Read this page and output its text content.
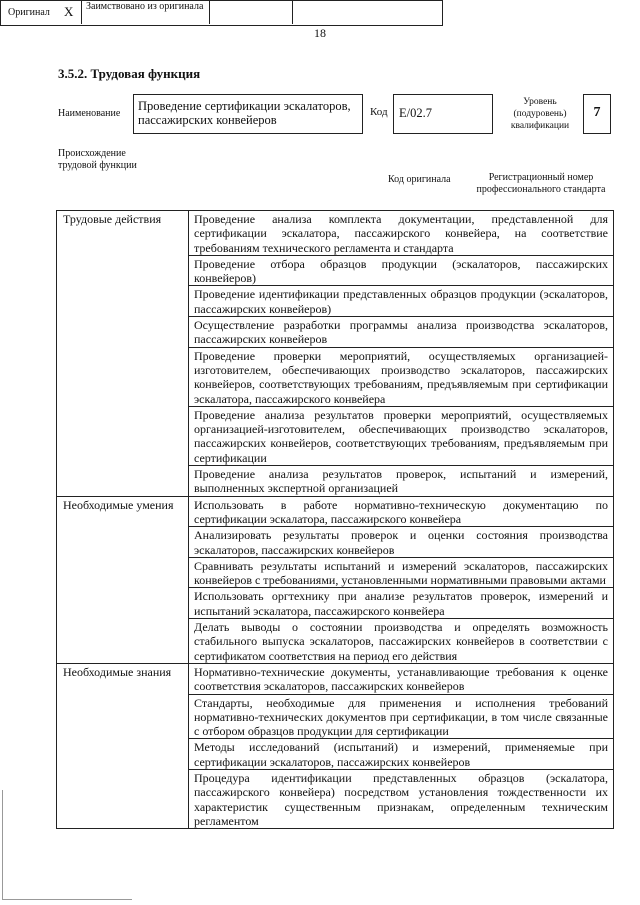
18
3.5.2. Трудовая функция
Наименование
Проведение сертификации эскалаторов, пассажирских конвейеров
Код E/02.7
Уровень (подуровень) квалификации
7
Происхождение трудовой функции
Оригинал X Заимствовано из оригинала
Код оригинала	Регистрационный номер профессионального стандарта
Трудовые действия	Проведение анализа комплекта документации, представленной для сертификации эскалатора, пассажирского конвейера, на соответствие требованиям технического регламента и стандарта
	Проведение отбора образцов продукции (эскалаторов, пассажирских конвейеров)
	Проведение идентификации представленных образцов продукции (эскалаторов, пассажирских конвейеров)
	Осуществление разработки программы анализа производства эскалаторов, пассажирских конвейеров
	Проведение проверки мероприятий, осуществляемых организацией-изготовителем, обеспечивающих производство эскалаторов, пассажирских конвейеров, соответствующих требованиям, предъявляемым при сертификации эскалатора, пассажирского конвейера
	Проведение анализа результатов проверки мероприятий, осуществляемых организацией-изготовителем, обеспечивающих производство эскалаторов, пассажирских конвейеров, соответствующих требованиям, предъявляемым при сертификации
	Проведение анализа результатов проверок, испытаний и измерений, выполненных экспертной организацией
Необходимые умения	Использовать в работе нормативно-техническую документацию по сертификации эскалатора, пассажирского конвейера
	Анализировать результаты проверок и оценки состояния производства эскалаторов, пассажирских конвейеров
	Сравнивать результаты испытаний и измерений эскалаторов, пассажирских конвейеров с требованиями, установленными нормативными правовыми актами
	Использовать оргтехнику при анализе результатов проверок, измерений и испытаний эскалатора, пассажирского конвейера
	Делать выводы о состоянии производства и определять возможность стабильного выпуска эскалаторов, пассажирских конвейеров в соответствии с сертификатом соответствия на период его действия
Необходимые знания	Нормативно-технические документы, устанавливающие требования к оценке соответствия эскалаторов, пассажирских конвейеров
	Стандарты, необходимые для применения и исполнения требований нормативно-технических документов при сертификации, в том числе связанные с отбором образцов продукции для сертификации
	Методы исследований (испытаний) и измерений, применяемые при сертификации эскалаторов, пассажирских конвейеров
	Процедура идентификации представленных образцов (эскалатора, пассажирского конвейера) посредством установления тождественности их характеристик существенным признакам, определенным техническим регламентом
